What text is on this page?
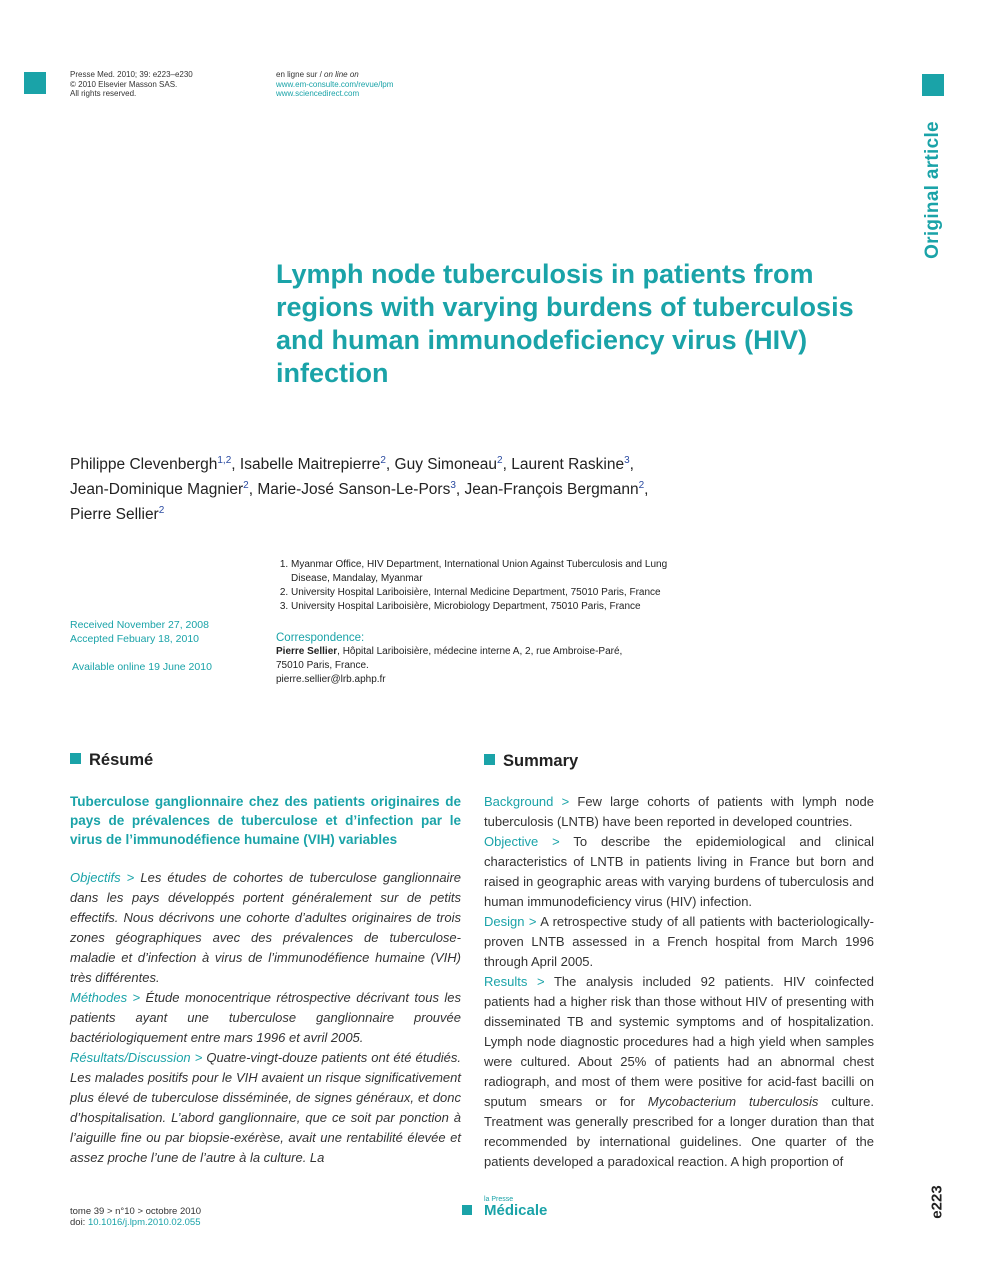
Presse Med. 2010; 39: e223–e230
© 2010 Elsevier Masson SAS.
All rights reserved.
en ligne sur / on line on
www.em-consulte.com/revue/lpm
www.sciencedirect.com
Original article
Lymph node tuberculosis in patients from regions with varying burdens of tuberculosis and human immunodeficiency virus (HIV) infection
Philippe Clevenbergh$^{1,2}$, Isabelle Maitrepierre$^2$, Guy Simoneau$^2$, Laurent Raskine$^3$,
Jean-Dominique Magnier$^2$, Marie-José Sanson-Le-Pors$^3$, Jean-François Bergmann$^2$,
Pierre Sellier$^2$
1. Myanmar Office, HIV Department, International Union Against Tuberculosis and Lung Disease, Mandalay, Myanmar
2. University Hospital Lariboisière, Internal Medicine Department, 75010 Paris, France
3. University Hospital Lariboisière, Microbiology Department, 75010 Paris, France
Received November 27, 2008
Accepted Febuary 18, 2010
Available online 19 June 2010
Correspondence:
Pierre Sellier, Hôpital Lariboisière, médecine interne A, 2, rue Ambroise-Paré,
75010 Paris, France.
pierre.sellier@lrb.aphp.fr
Résumé
Tuberculose ganglionnaire chez des patients originaires de pays de prévalences de tuberculose et d’infection par le virus de l’immunodéfience humaine (VIH) variables

Objectifs > Les études de cohortes de tuberculose ganglionnaire dans les pays développés portent généralement sur de petits effectifs. Nous décrivons une cohorte d’adultes originaires de trois zones géographiques avec des prévalences de tuberculose-maladie et d’infection à virus de l’immunodéfience humaine (VIH) très différentes.

Méthodes > Étude monocentrique rétrospective décrivant tous les patients ayant une tuberculose ganglionnaire prouvée bactériologiquement entre mars 1996 et avril 2005.

Résultats/Discussion > Quatre-vingt-douze patients ont été étudiés. Les malades positifs pour le VIH avaient un risque significativement plus élevé de tuberculose disséminée, de signes généraux, et donc d’hospitalisation. L’abord ganglionnaire, que ce soit par ponction à l’aiguille fine ou par biopsie-exérèse, avait une rentabilité élevée et assez proche l’une de l’autre à la culture. La

Summary

Background > Few large cohorts of patients with lymph node tuberculosis (LNTB) have been reported in developed countries.

Objective > To describe the epidemiological and clinical characteristics of LNTB in patients living in France but born and raised in geographic areas with varying burdens of tuberculosis and human immunodeficiency virus (HIV) infection.

Design > A retrospective study of all patients with bacteriologically-proven LNTB assessed in a French hospital from March 1996 through April 2005.

Results > The analysis included 92 patients. HIV coinfected patients had a higher risk than those without HIV of presenting with disseminated TB and systemic symptoms and of hospitalization. Lymph node diagnostic procedures had a high yield when samples were cultured. About 25% of patients had an abnormal chest radiograph, and most of them were positive for acid-fast bacilli on sputum smears or for Mycobacterium tuberculosis culture. Treatment was generally prescribed for a longer duration than that recommended by international guidelines. One quarter of the patients developed a paradoxical reaction. A high proportion of

tome 39 > n°10 > octobre 2010
doi: 10.1016/j.lpm.2010.02.055
la Presse
Médicale	e223
